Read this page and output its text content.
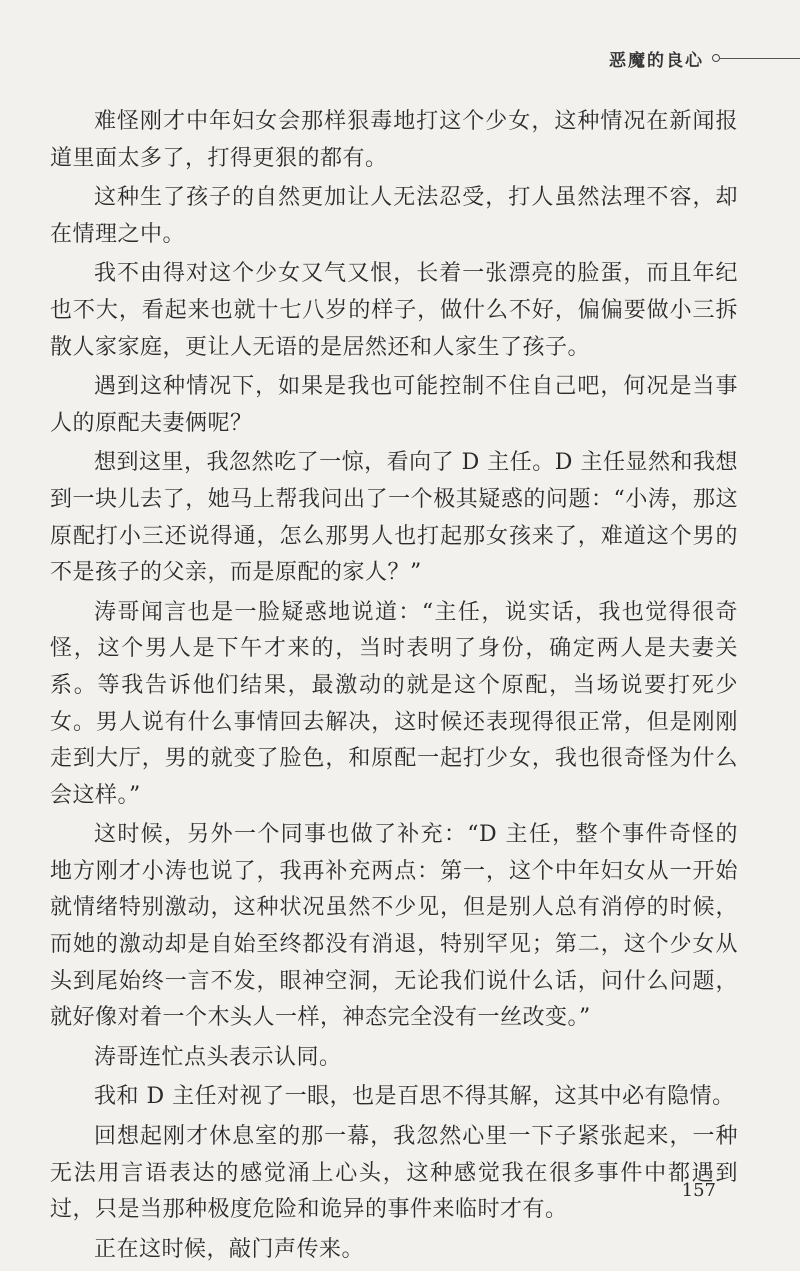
恶魔的良心

难怪刚才中年妇女会那样狠毒地打这个少女，这种情况在新闻报道里面太多了，打得更狠的都有。

这种生了孩子的自然更加让人无法忍受，打人虽然法理不容，却在情理之中。

我不由得对这个少女又气又恨，长着一张漂亮的脸蛋，而且年纪也不大，看起来也就十七八岁的样子，做什么不好，偏偏要做小三拆散人家家庭，更让人无语的是居然还和人家生了孩子。

遇到这种情况下，如果是我也可能控制不住自己吧，何况是当事人的原配夫妻俩呢？

想到这里，我忽然吃了一惊，看向了 D 主任。D 主任显然和我想到一块儿去了，她马上帮我问出了一个极其疑惑的问题：“小涛，那这原配打小三还说得通，怎么那男人也打起那女孩来了，难道这个男的不是孩子的父亲，而是原配的家人？”

涛哥闻言也是一脸疑惑地说道：“主任，说实话，我也觉得很奇怪，这个男人是下午才来的，当时表明了身份，确定两人是夫妻关系。等我告诉他们结果，最激动的就是这个原配，当场说要打死少女。男人说有什么事情回去解决，这时候还表现得很正常，但是刚刚走到大厅，男的就变了脸色，和原配一起打少女，我也很奇怪为什么会这样。”

这时候，另外一个同事也做了补充：“D 主任，整个事件奇怪的地方刚才小涛也说了，我再补充两点：第一，这个中年妇女从一开始就情绪特别激动，这种状况虽然不少见，但是别人总有消停的时候，而她的激动却是自始至终都没有消退，特别罕见；第二，这个少女从头到尾始终一言不发，眼神空洞，无论我们说什么话，问什么问题，就好像对着一个木头人一样，神态完全没有一丝改变。”

涛哥连忙点头表示认同。

我和 D 主任对视了一眼，也是百思不得其解，这其中必有隐情。

回想起刚才休息室的那一幕，我忽然心里一下子紧张起来，一种无法用言语表达的感觉涌上心头，这种感觉我在很多事件中都遇到过，只是当那种极度危险和诡异的事件来临时才有。

正在这时候，敲门声传来。

157
